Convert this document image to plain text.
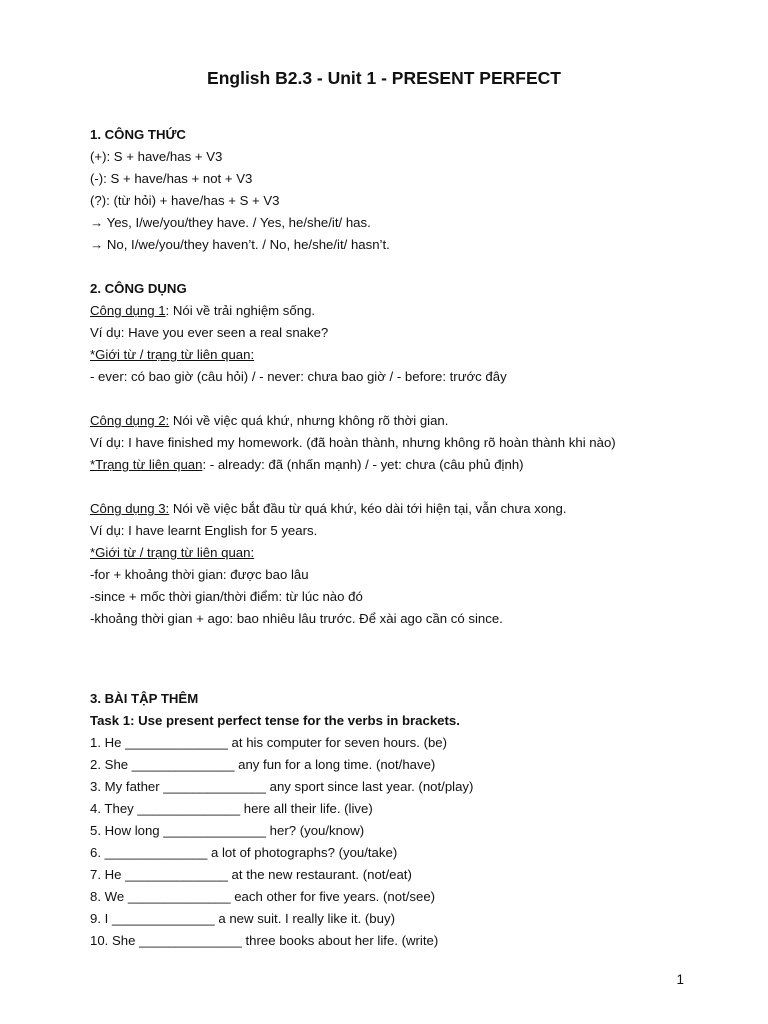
English B2.3 - Unit 1 - PRESENT PERFECT
1. CÔNG THỨC
(+): S + have/has + V3
(-): S + have/has + not + V3
(?): (từ hỏi) + have/has + S + V3
→ Yes, I/we/you/they have. / Yes, he/she/it/ has.
→ No, I/we/you/they haven’t. / No, he/she/it/ hasn’t.
2. CÔNG DỤNG
Công dụng 1: Nói về trải nghiệm sống.
Ví dụ: Have you ever seen a real snake?
*Giới từ / trạng từ liên quan:
- ever: có bao giờ (câu hỏi) / - never: chưa bao giờ / - before: trước đây
Công dụng 2: Nói về việc quá khứ, nhưng không rõ thời gian.
Ví dụ: I have finished my homework. (đã hoàn thành, nhưng không rõ hoàn thành khi nào)
*Trạng từ liên quan: - already: đã (nhấn mạnh) / - yet: chưa (câu phủ định)
Công dụng 3: Nói về việc bắt đầu từ quá khứ, kéo dài tới hiện tại, vẫn chưa xong.
Ví dụ: I have learnt English for 5 years.
*Giới từ / trạng từ liên quan:
-for + khoảng thời gian: được bao lâu
-since + mốc thời gian/thời điểm: từ lúc nào đó
-khoảng thời gian + ago: bao nhiêu lâu trước. Để xài ago cần có since.
3. BÀI TẬP THÊM
Task 1: Use present perfect tense for the verbs in brackets.
1. He ______________ at his computer for seven hours. (be)
2. She ______________ any fun for a long time. (not/have)
3. My father ______________ any sport since last year. (not/play)
4. They ______________ here all their life. (live)
5. How long ______________ her? (you/know)
6. ______________ a lot of photographs? (you/take)
7. He ______________ at the new restaurant. (not/eat)
8. We ______________ each other for five years. (not/see)
9. I ______________ a new suit. I really like it. (buy)
10. She ______________ three books about her life. (write)
1
